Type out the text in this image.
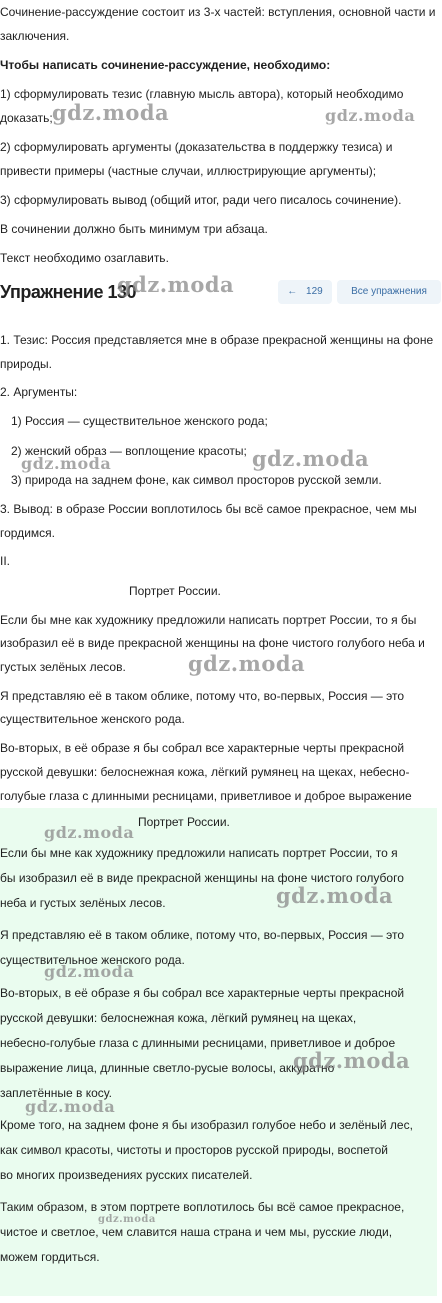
Сочинение-рассуждение состоит из 3-х частей: вступления, основной части и

заключения.

Чтобы написать сочинение-рассуждение, необходимо:

1) сформулировать тезис (главную мысль автора), который необходимо

доказать;

2) сформулировать аргументы (доказательства в поддержку тезиса) и

привести примеры (частные случаи, иллюстрирующие аргументы);

3) сформулировать вывод (общий итог, ради чего писалось сочинение).

В сочинении должно быть минимум три абзаца.

Текст необходимо озаглавить.

Упражнение 130	← 129	Все упражнения

1. Тезис: Россия представляется мне в образе прекрасной женщины на фоне

природы.

2. Аргументы:

1) Россия — существительное женского рода;

2) женский образ — воплощение красоты;

3) природа на заднем фоне, как символ просторов русской земли.

3. Вывод: в образе России воплотилось бы всё самое прекрасное, чем мы

гордимся.

II.

Портрет России.

Если бы мне как художнику предложили написать портрет России, то я бы

изобразил её в виде прекрасной женщины на фоне чистого голубого неба и

густых зелёных лесов.

Я представляю её в таком облике, потому что, во-первых, Россия — это

существительное женского рода.

Во-вторых, в её образе я бы собрал все характерные черты прекрасной

русской девушки: белоснежная кожа, лёгкий румянец на щеках, небесно-

голубые глаза с длинными ресницами, приветливое и доброе выражение

Портрет России.

Если бы мне как художнику предложили написать портрет России, то я

бы изобразил её в виде прекрасной женщины на фоне чистого голубого

неба и густых зелёных лесов.

Я представляю её в таком облике, потому что, во-первых, Россия — это

существительное женского рода.

Во-вторых, в её образе я бы собрал все характерные черты прекрасной

русской девушки: белоснежная кожа, лёгкий румянец на щеках,

небесно-голубые глаза с длинными ресницами, приветливое и доброе

выражение лица, длинные светло-русые волосы, аккуратно

заплетённые в косу.

Кроме того, на заднем фоне я бы изобразил голубое небо и зелёный лес,

как символ красоты, чистоты и просторов русской природы, воспетой

во многих произведениях русских писателей.

Таким образом, в этом портрете воплотилось бы всё самое прекрасное,

чистое и светлое, чем славится наша страна и чем мы, русские люди,

можем гордиться.

gdz.moda	gdz.moda
gdz.moda
gdz.moda	gdz.moda
gdz.moda
gdz.moda
gdz.moda
gdz.moda
gdz.moda
gdz.moda
gdz.moda
